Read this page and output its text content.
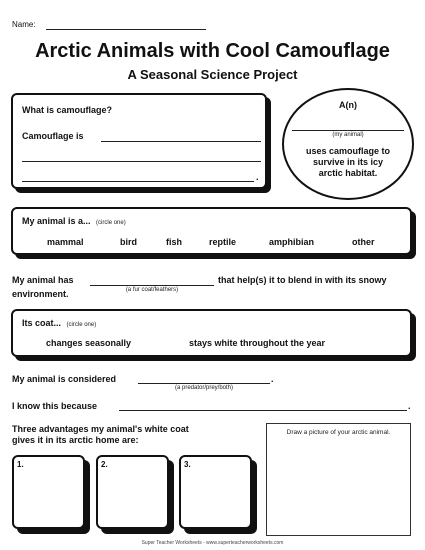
Name:
Arctic Animals with Cool Camouflage
A Seasonal Science Project
What is camouflage?
Camouflage is
.
A(n)
(my animal)
uses camouflage to
survive in its icy
arctic habitat.
My animal is a... (circle one)
mammal	bird	fish	reptile	amphibian	other
My animal has	that help(s) it to blend in with its snowy
(a fur coat/feathers)
environment.
Its coat... (circle one)
changes seasonally	stays white throughout the year
My animal is considered	.
(a predator/prey/both)
I know this because	.
Three advantages my animal's white coat
gives it in its arctic home are:
1.	2.	3.
Draw a picture of your arctic animal.
Super Teacher Worksheets - www.superteacherworksheets.com
